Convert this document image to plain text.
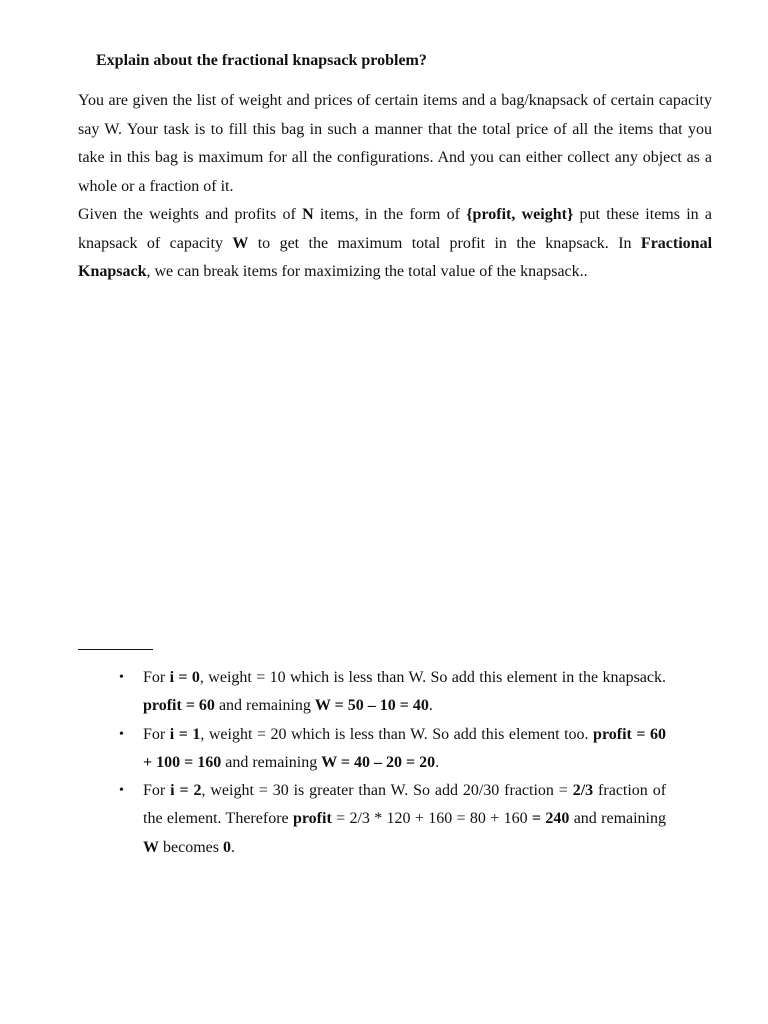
Explain about the fractional knapsack problem?

You are given the list of weight and prices of certain items and a bag/knapsack of certain capacity say W. Your task is to fill this bag in such a manner that the total price of all the items that you take in this bag is maximum for all the configurations. And you can either collect any object as a whole or a fraction of it.

Given the weights and profits of N items, in the form of {profit, weight} put these items in a knapsack of capacity W to get the maximum total profit in the knapsack. In Fractional Knapsack, we can break items for maximizing the total value of the knapsack..

• For i = 0, weight = 10 which is less than W. So add this element in the knapsack. profit = 60 and remaining W = 50 – 10 = 40.
• For i = 1, weight = 20 which is less than W. So add this element too. profit = 60 + 100 = 160 and remaining W = 40 – 20 = 20.
• For i = 2, weight = 30 is greater than W. So add 20/30 fraction = 2/3 fraction of the element. Therefore profit = 2/3 * 120 + 160 = 80 + 160 = 240 and remaining W becomes 0.
